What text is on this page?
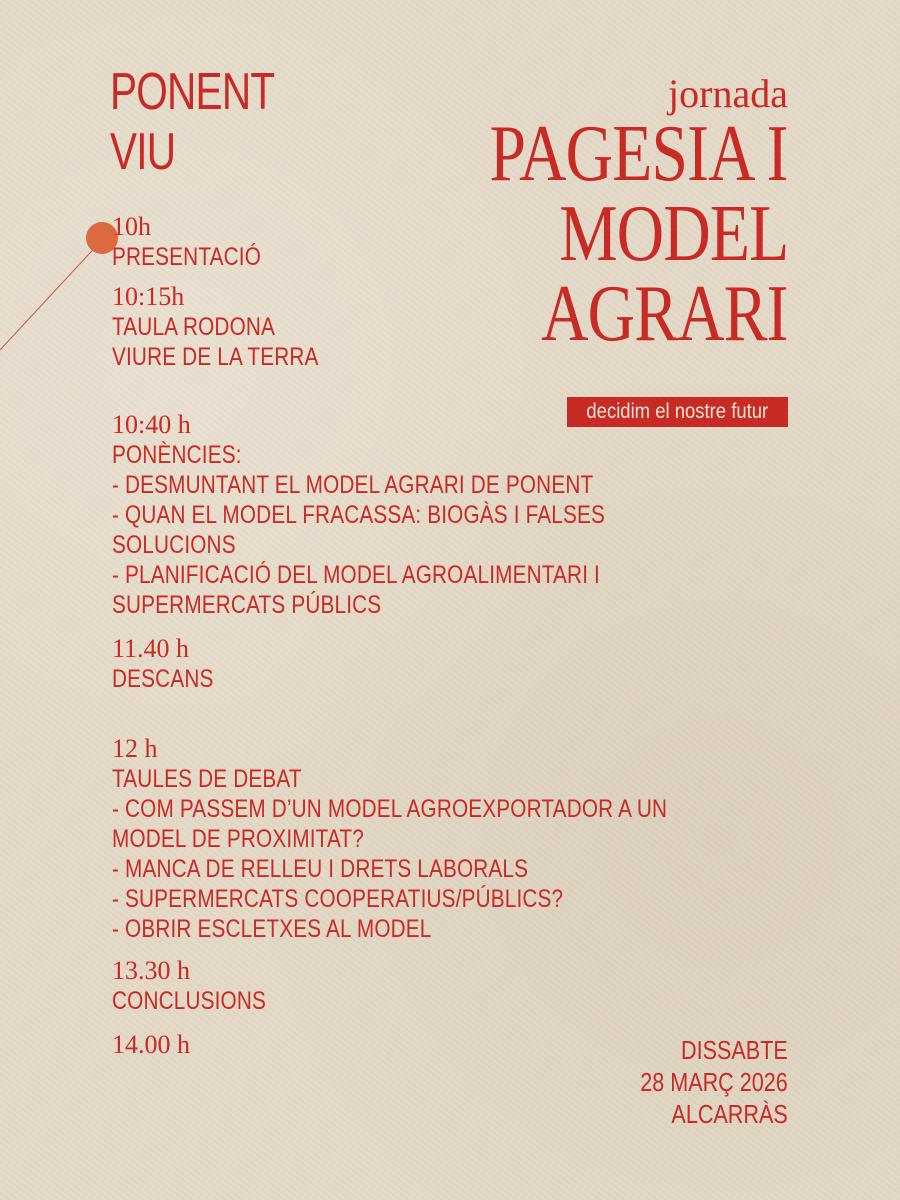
PONENT
VIU
jornada
PAGESIA I
MODEL
AGRARI
decidim el nostre futur
10h
PRESENTACIÓ
10:15h
TAULA RODONA
VIURE DE LA TERRA
10:40 h
PONÈNCIES:
- DESMUNTANT EL MODEL AGRARI DE PONENT
- QUAN EL MODEL FRACASSA: BIOGÀS I FALSES
SOLUCIONS
- PLANIFICACIÓ DEL MODEL AGROALIMENTARI I
SUPERMERCATS PÚBLICS
11.40 h
DESCANS
12 h
TAULES DE DEBAT
- COM PASSEM D’UN MODEL AGROEXPORTADOR A UN
MODEL DE PROXIMITAT?
- MANCA DE RELLEU I DRETS LABORALS
- SUPERMERCATS COOPERATIUS/PÚBLICS?
- OBRIR ESCLETXES AL MODEL
13.30 h
CONCLUSIONS
14.00 h	DISSABTE
28 MARÇ 2026
ALCARRÀS
